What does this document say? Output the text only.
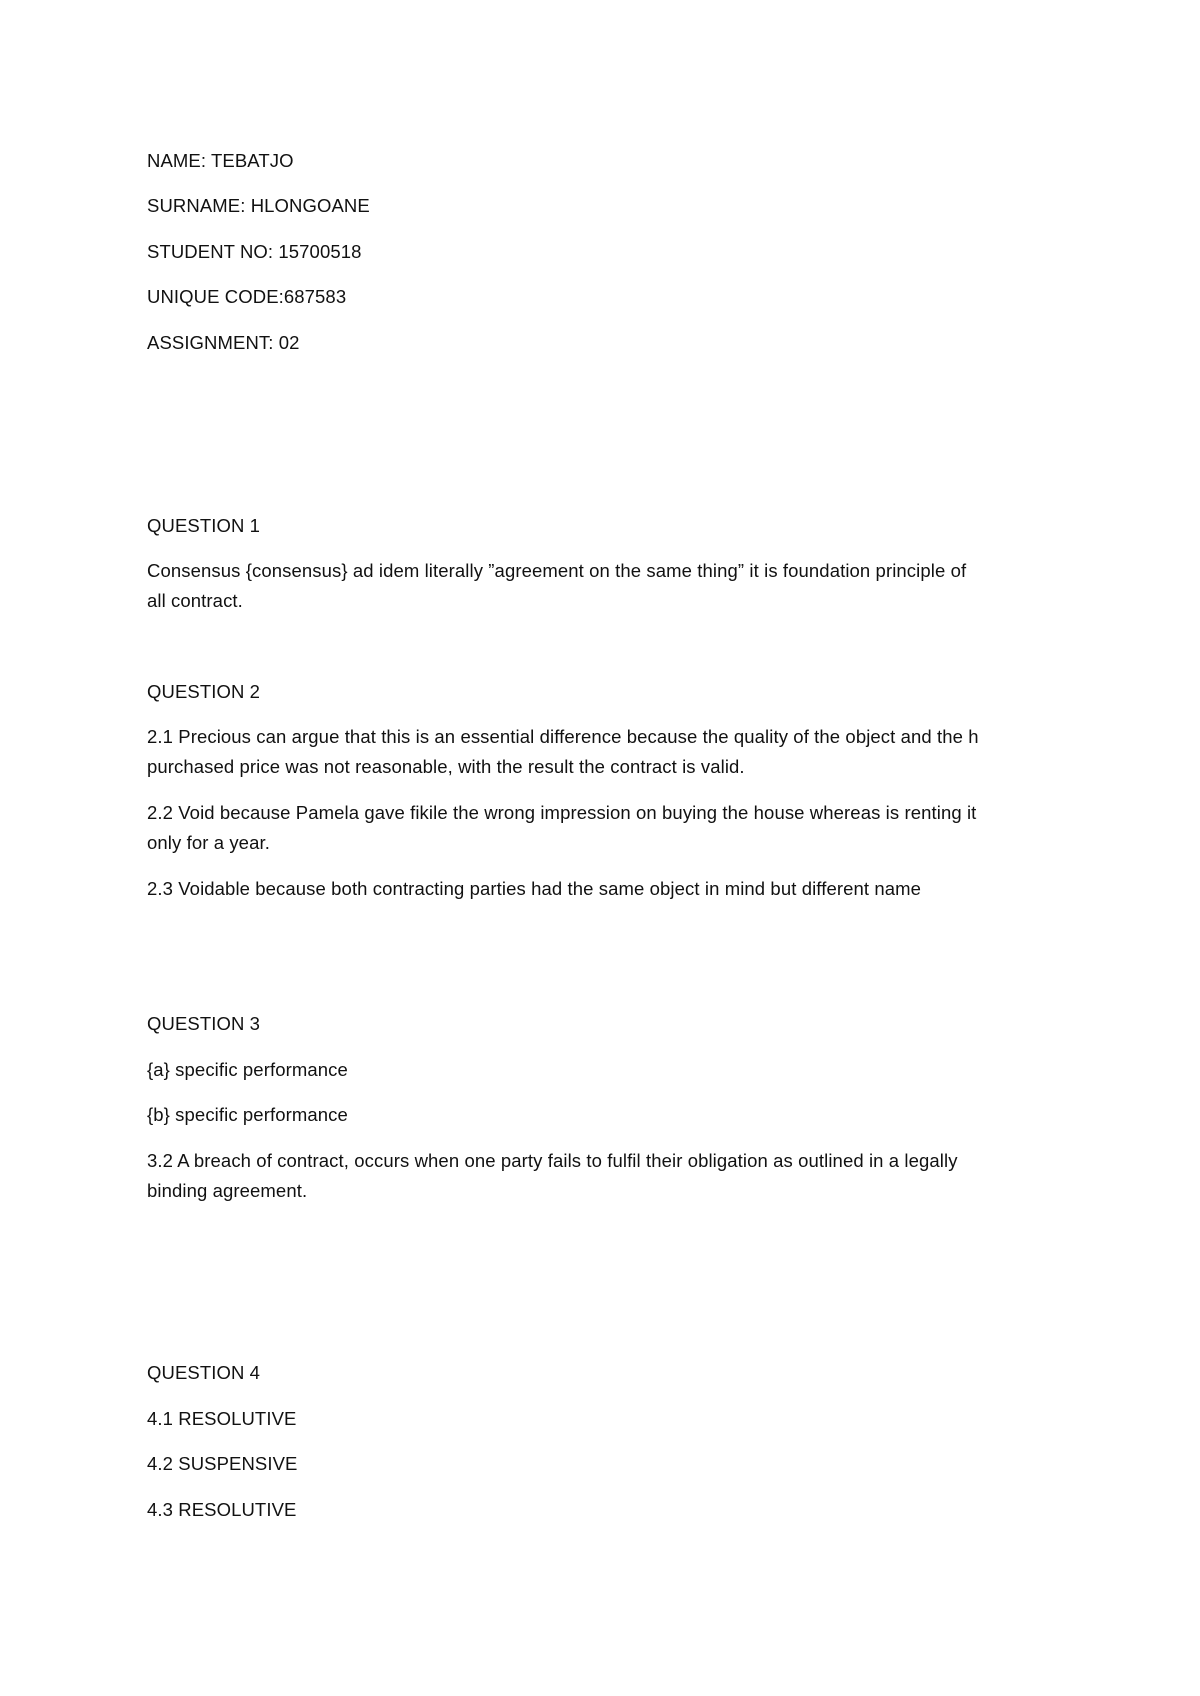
NAME: TEBATJO
SURNAME: HLONGOANE
STUDENT NO: 15700518
UNIQUE CODE:687583
ASSIGNMENT: 02
QUESTION 1
Consensus {consensus} ad idem literally ”agreement on the same thing” it is foundation principle of
all contract.
QUESTION 2
2.1 Precious can argue that this is an essential difference because the quality of the object and the h
purchased price was not reasonable, with the result the contract is valid.
2.2 Void because Pamela gave fikile the wrong impression on buying the house whereas is renting it
only for a year.
2.3 Voidable because both contracting parties had the same object in mind but different name
QUESTION 3
{a} specific performance
{b} specific performance
3.2 A breach of contract, occurs when one party fails to fulfil their obligation as outlined in a legally
binding agreement.
QUESTION 4
4.1 RESOLUTIVE
4.2 SUSPENSIVE
4.3 RESOLUTIVE
